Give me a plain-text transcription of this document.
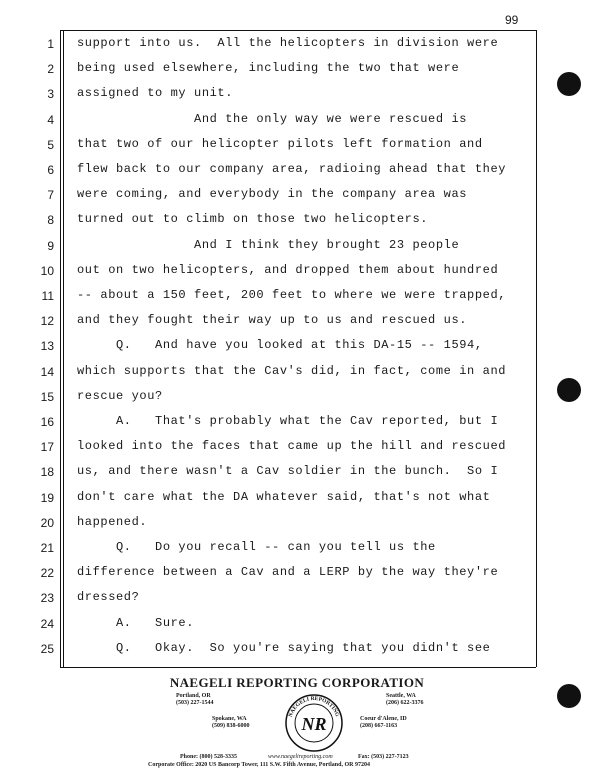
99
1 support into us.  All the helicopters in division were
2 being used elsewhere, including the two that were
3 assigned to my unit.
4 And the only way we were rescued is
5 that two of our helicopter pilots left formation and
6 flew back to our company area, radioing ahead that they
7 were coming, and everybody in the company area was
8 turned out to climb on those two helicopters.
9 And I think they brought 23 people
10 out on two helicopters, and dropped them about hundred
11 -- about a 150 feet, 200 feet to where we were trapped,
12 and they fought their way up to us and rescued us.
13 Q.   And have you looked at this DA-15 -- 1594,
14 which supports that the Cav's did, in fact, come in and
15 rescue you?
16 A.   That's probably what the Cav reported, but I
17 looked into the faces that came up the hill and rescued
18 us, and there wasn't a Cav soldier in the bunch.  So I
19 don't care what the DA whatever said, that's not what
20 happened.
21 Q.   Do you recall -- can you tell us the
22 difference between a Cav and a LERP by the way they're
23 dressed?
24 A.   Sure.
25 Q.   Okay.  So you're saying that you didn't see
NAEGELI REPORTING CORPORATION
Portland, OR
(503) 227-1544
Seattle, WA
(206) 622-3376
Spokane, WA
(509) 838-6000
Coeur d'Alene, ID
(208) 667-1163
NAEGELI REPORTING
NR
Phone: (800) 528-3335	www.naegelireporting.com	Fax: (503) 227-7123
Corporate Office: 2020 US Bancorp Tower, 111 S.W. Fifth Avenue, Portland, OR 97204
